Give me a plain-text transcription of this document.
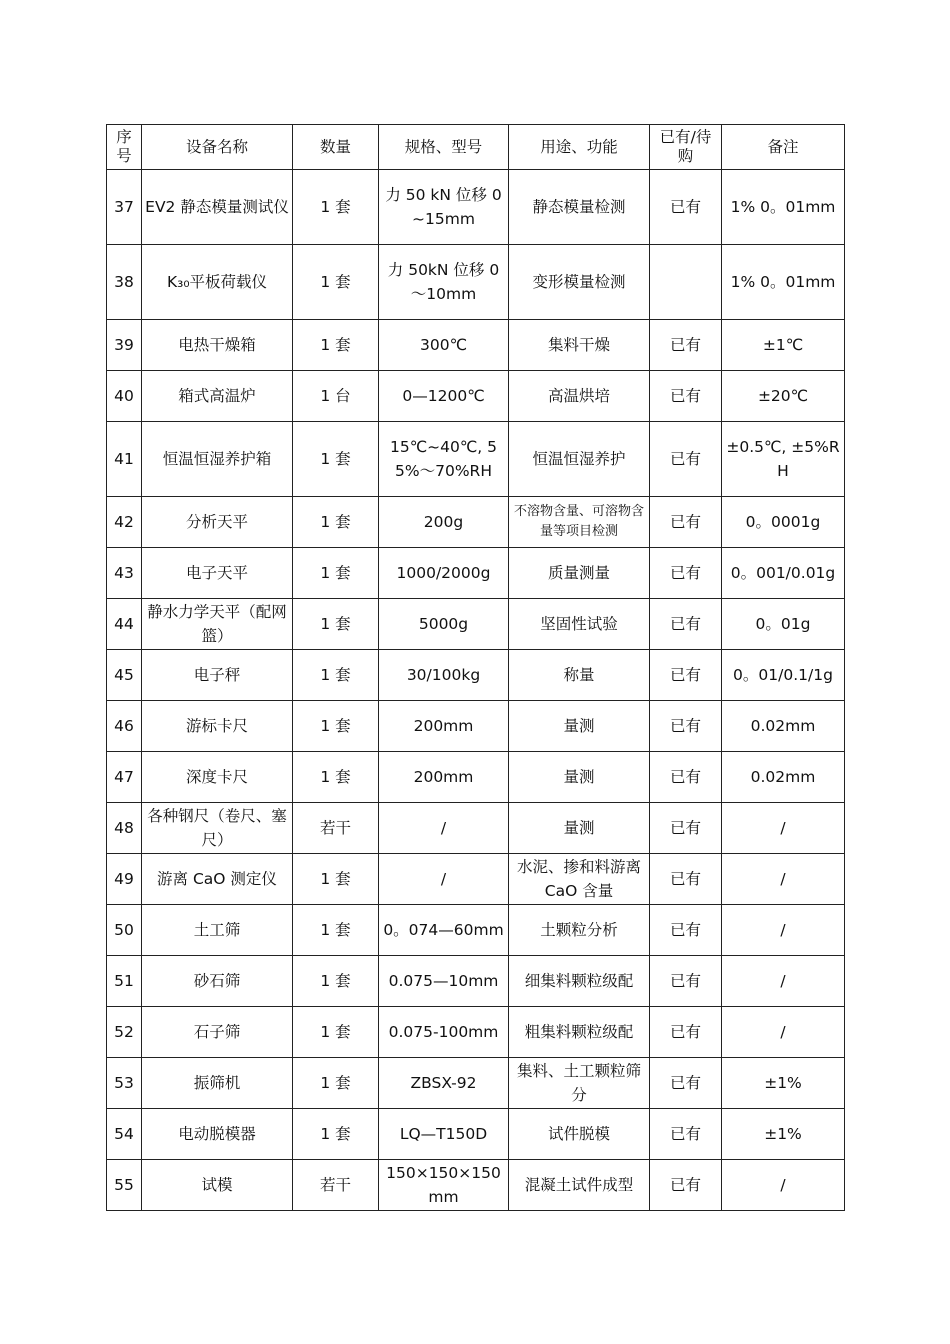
序号	设备名称	数量	规格、型号	用途、功能	已有/待购	备注
37	EV2 静态模量测试仪	1 套	力 50 kN 位移 0~15mm	静态模量检测	已有	1% 0。01mm
38	K₃₀平板荷载仪	1 套	力 50kN 位移 0～10mm	变形模量检测		1% 0。01mm
39	电热干燥箱	1 套	300℃	集料干燥	已有	±1℃
40	箱式高温炉	1 台	0—1200℃	高温烘培	已有	±20℃
41	恒温恒湿养护箱	1 套	15℃~40℃, 55%～70%RH	恒温恒湿养护	已有	±0.5℃, ±5%RH
42	分析天平	1 套	200g	不溶物含量、可溶物含量等项目检测	已有	0。0001g
43	电子天平	1 套	1000/2000g	质量测量	已有	0。001/0.01g
44	静水力学天平（配网篮）	1 套	5000g	坚固性试验	已有	0。01g
45	电子秤	1 套	30/100kg	称量	已有	0。01/0.1/1g
46	游标卡尺	1 套	200mm	量测	已有	0.02mm
47	深度卡尺	1 套	200mm	量测	已有	0.02mm
48	各种钢尺（卷尺、塞尺）	若干	/	量测	已有	/
49	游离 CaO 测定仪	1 套	/	水泥、掺和料游离 CaO 含量	已有	/
50	土工筛	1 套	0。074—60mm	土颗粒分析	已有	/
51	砂石筛	1 套	0.075—10mm	细集料颗粒级配	已有	/
52	石子筛	1 套	0.075-100mm	粗集料颗粒级配	已有	/
53	振筛机	1 套	ZBSX-92	集料、土工颗粒筛分	已有	±1%
54	电动脱模器	1 套	LQ—T150D	试件脱模	已有	±1%
55	试模	若干	150×150×150mm	混凝土试件成型	已有	/
